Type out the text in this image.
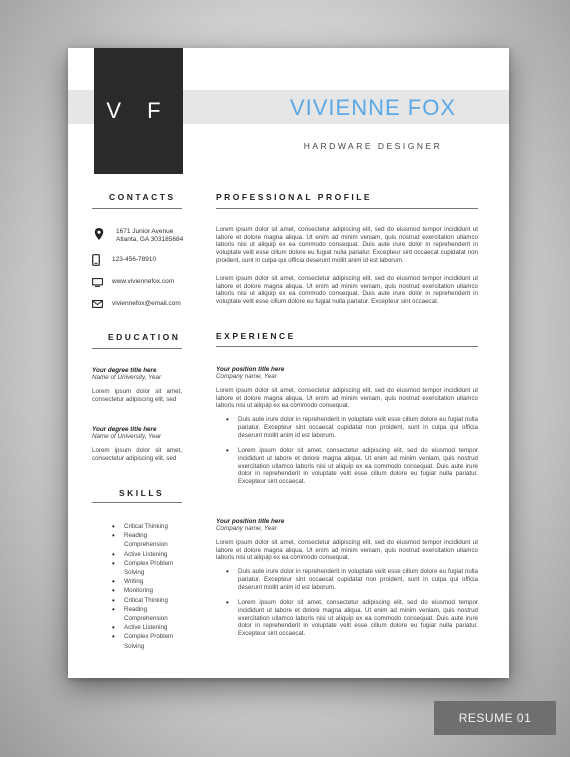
V F	VIVIENNE FOX
HARDWARE DESIGNER
CONTACTS
1671 Junior Avenue
Atlanta, GA 303185684
123-456-78910
www.viviennefox.com
viviennefox@email.com
EDUCATION
Your degree title here
Name of University, Year
Lorem ipsum dolor sit amet, consectetur adipiscing elit, sed
Your degree title here
Name of University, Year
Lorem ipsum dolor sit amet, consectetur adipiscing elit, sed
SKILLS
• Critical Thinking
• Reading Comprehension
• Active Listening
• Complex Problem Solving
• Writing
• Monitoring
• Critical Thinking
• Reading Comprehension
• Active Listening
• Complex Problem Solving
PROFESSIONAL PROFILE
Lorem ipsum dolor sit amet, consectetur adipiscing elit, sed do eiusmod tempor incididunt ut labore et dolore magna aliqua. Ut enim ad minim veniam, quis nostrud exercitation ullamco laboris nisi ut aliquip ex ea commodo consequat. Duis aute irure dolor in reprehenderit in voluptate velit esse cillum dolore eu fugiat nulla pariatur. Excepteur sint occaecat cupidatat non proident, sunt in culpa qui officia deserunt mollit anim id est laborum.
Lorem ipsum dolor sit amet, consectetur adipiscing elit, sed do eiusmod tempor incididunt ut labore et dolore magna aliqua. Ut enim ad minim veniam, quis nostrud exercitation ullamco laboris nisi ut aliquip ex ea commodo consequat. Duis aute irure dolor in reprehenderit in voluptate velit esse cillum dolore eu fugiat nulla pariatur. Excepteur sint occaecat.
EXPERIENCE
Your position title here
Company name, Year
Lorem ipsum dolor sit amet, consectetur adipiscing elit, sed do eiusmod tempor incididunt ut labore et dolore magna aliqua. Ut enim ad minim veniam, quis nostrud exercitation ullamco laboris nisi ut aliquip ex ea commodo consequat.
• Duis aute irure dolor in reprehenderit in voluptate velit esse cillum dolore eu fugiat nulla pariatur. Excepteur sint occaecat cupidatat non proident, sunt in culpa qui officia deserunt mollit anim id est laborum.
• Lorem ipsum dolor sit amet, consectetur adipiscing elit, sed do eiusmod tempor incididunt ut labore et dolore magna aliqua. Ut enim ad minim veniam, quis nostrud exercitation ullamco laboris nisi ut aliquip ex ea commodo consequat. Duis aute irure dolor in reprehenderit in voluptate velit esse cillum dolore eu fugiat nulla pariatur. Excepteur sint occaecat.
Your position title here
Company name, Year
Lorem ipsum dolor sit amet, consectetur adipiscing elit, sed do eiusmod tempor incididunt ut labore et dolore magna aliqua. Ut enim ad minim veniam, quis nostrud exercitation ullamco laboris nisi ut aliquip ex ea commodo consequat.
• Duis aute irure dolor in reprehenderit in voluptate velit esse cillum dolore eu fugiat nulla pariatur. Excepteur sint occaecat cupidatat non proident, sunt in culpa qui officia deserunt mollit anim id est laborum.
• Lorem ipsum dolor sit amet, consectetur adipiscing elit, sed do eiusmod tempor incididunt ut labore et dolore magna aliqua. Ut enim ad minim veniam, quis nostrud exercitation ullamco laboris nisi ut aliquip ex ea commodo consequat. Duis aute irure dolor in reprehenderit in voluptate velit esse cillum dolore eu fugiat nulla pariatur. Excepteur sint occaecat.
RESUME 01
